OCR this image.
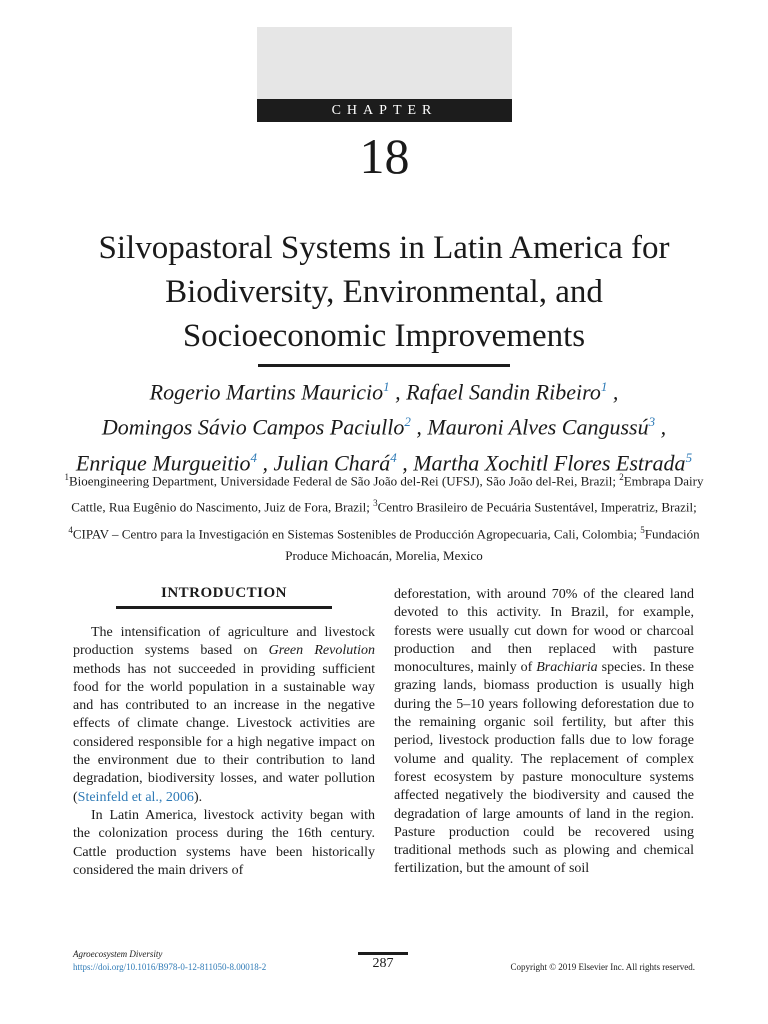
CHAPTER
18
Silvopastoral Systems in Latin America for Biodiversity, Environmental, and Socioeconomic Improvements
Rogerio Martins Mauricio$^1$ , Rafael Sandin Ribeiro$^1$ ,
Domingos Sávio Campos Paciullo$^2$ , Mauroni Alves Cangussú$^3$ ,
Enrique Murgueitio$^4$ , Julian Chará$^4$ , Martha Xochitl Flores Estrada$^5$
$^1$Bioengineering Department, Universidade Federal de São João del-Rei (UFSJ), São João del-Rei, Brazil; $^2$Embrapa Dairy Cattle, Rua Eugênio do Nascimento, Juiz de Fora, Brazil; $^3$Centro Brasileiro de Pecuária Sustentável, Imperatriz, Brazil; $^4$CIPAV – Centro para la Investigación en Sistemas Sostenibles de Producción Agropecuaria, Cali, Colombia; $^5$Fundación Produce Michoacán, Morelia, Mexico
INTRODUCTION

The intensification of agriculture and livestock production systems based on Green Revolution methods has not succeeded in providing sufficient food for the world population in a sustainable way and has contributed to an increase in the negative effects of climate change. Livestock activities are considered responsible for a high negative impact on the environment due to their contribution to land degradation, biodiversity losses, and water pollution (Steinfeld et al., 2006).

In Latin America, livestock activity began with the colonization process during the 16th century. Cattle production systems have been historically considered the main drivers of

deforestation, with around 70% of the cleared land devoted to this activity. In Brazil, for example, forests were usually cut down for wood or charcoal production and then replaced with pasture monocultures, mainly of Brachiaria species. In these grazing lands, biomass production is usually high during the 5–10 years following deforestation due to the remaining organic soil fertility, but after this period, livestock production falls due to low forage volume and quality. The replacement of complex forest ecosystem by pasture monoculture systems affected negatively the biodiversity and caused the degradation of large amounts of land in the region. Pasture production could be recovered using traditional methods such as plowing and chemical fertilization, but the amount of soil

Agroecosystem Diversity
https://doi.org/10.1016/B978-0-12-811050-8.00018-2	287	Copyright © 2019 Elsevier Inc. All rights reserved.
